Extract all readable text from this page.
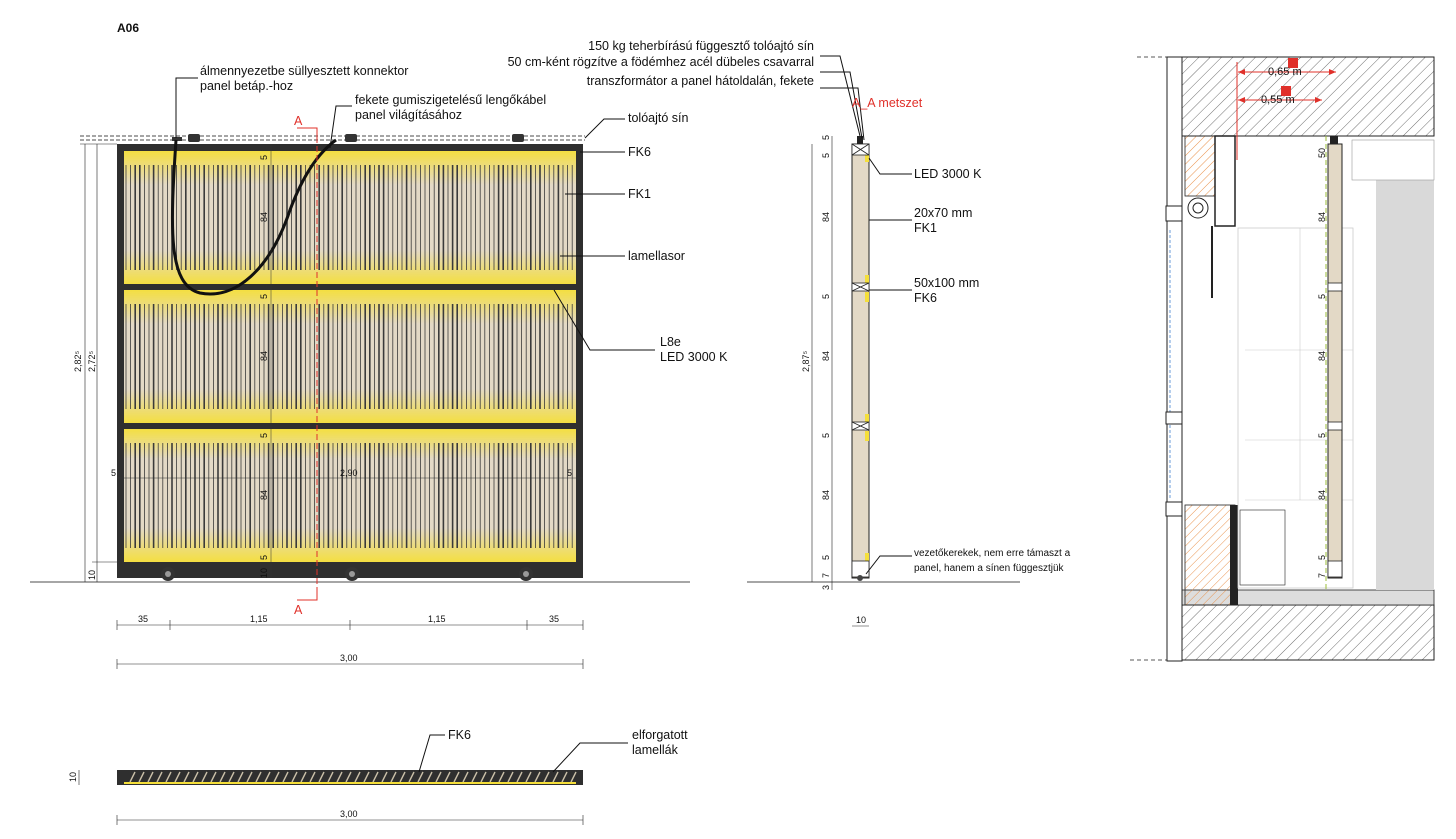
A06
A
A
2,82⁵ 2,72⁵
10
5
84
5
84
5
84
5
10
5	2,90	5
35	1,15	1,15	35
3,00
álmennyezetbe süllyesztett konnektor
panel betáp.-hoz
fekete gumiszigetelésű lengőkábel
panel világításához	tolóajtó sín
FK6
FK1
lamellasor
L8e
LED 3000 K
10
3,00
FK6	elforgatott
lamellák
2,87⁵
5
5
84
5
84
5
84
5
7
3
10
150 kg teherbírású függesztő tolóajtó sín
50 cm-ként rögzítve a födémhez acél dübeles csavarral
transzformátor a panel hátoldalán, fekete
A_A metszet
LED 3000 K
20x70 mm
FK1
50x100 mm
FK6
vezetőkerekek, nem erre támaszt a
panel, hanem a sínen függesztjük
84
5
84
5
84
5
7
50
0,65 m
0,55 m
